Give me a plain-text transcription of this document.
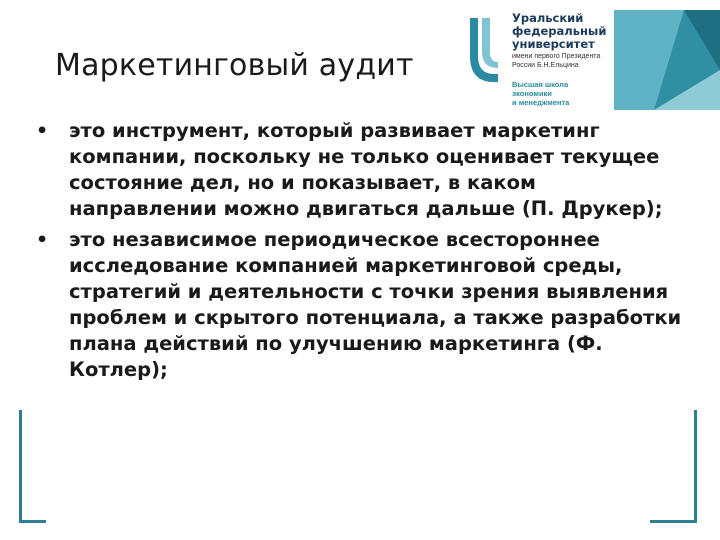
Маркетинговый аудит
Уральский
федеральный
университет
имени первого Президента
России Б.Н.Ельцина
Высшая школа
экономики
и менеджмента
• это инструмент, который развивает маркетинг компании, поскольку не только оценивает текущее состояние дел, но и показывает, в каком направлении можно двигаться дальше (П. Друкер);
• это независимое периодическое всестороннее исследование компанией маркетинговой среды, стратегий и деятельности с точки зрения выявления проблем и скрытого потенциала, а также разработки плана действий по улучшению маркетинга (Ф. Котлер);
